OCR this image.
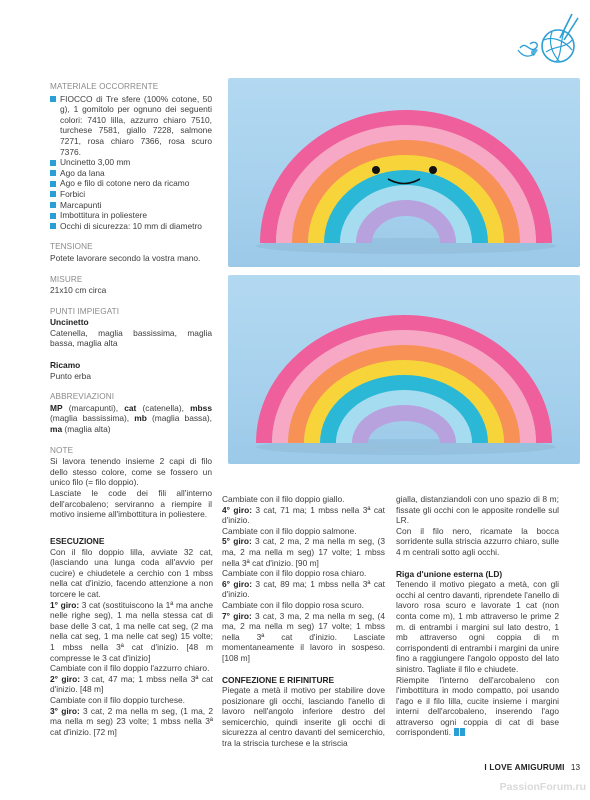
MATERIALE OCCORRENTE
FIOCCO di Tre sfere (100% cotone, 50 g), 1 gomitolo per ognuno dei seguenti colori: 7410 lilla, azzurro chiaro 7510, turchese 7581, giallo 7228, salmone 7271, rosa chiaro 7366, rosa scuro 7376.
Uncinetto 3,00 mm
Ago da lana
Ago e filo di cotone nero da ricamo
Forbici
Marcapunti
Imbottitura in poliestere
Occhi di sicurezza: 10 mm di diametro
TENSIONE
Potete lavorare secondo la vostra mano.
MISURE
21x10 cm circa
PUNTI IMPIEGATI
Uncinetto
Catenella, maglia bassissima, maglia bassa, maglia alta
Ricamo
Punto erba
ABBREVIAZIONI
MP (marcapunti), cat (catenella), mbss (maglia bassissima), mb (maglia bassa), ma (maglia alta)
NOTE
Si lavora tenendo insieme 2 capi di filo dello stesso colore, come se fossero un unico filo (= filo doppio).
Lasciate le code dei fili all'interno dell'arcobaleno; serviranno a riempire il motivo insieme all'imbottitura in poliestere.
ESECUZIONE
Con il filo doppio lilla, avviate 32 cat, (lasciando una lunga coda all'avvio per cucire) e chiudetele a cerchio con 1 mbss nella cat d'inizio, facendo attenzione a non torcere le cat.
1° giro: 3 cat (sostituiscono la 1ª ma anche nelle righe seg), 1 ma nella stessa cat di base delle 3 cat, 1 ma nelle cat seg, (2 ma nella cat seg, 1 ma nelle cat seg) 15 volte; 1 mbss nella 3ª cat d'inizio. [48 m compresse le 3 cat d'inizio]
Cambiate con il filo doppio l'azzurro chiaro.
2° giro: 3 cat, 47 ma; 1 mbss nella 3ª cat d'inizio. [48 m]
Cambiate con il filo doppio turchese.
3° giro: 3 cat, 2 ma nella m seg, (1 ma, 2 ma nella m seg) 23 volte; 1 mbss nella 3ª cat d'inizio. [72 m]
Cambiate con il filo doppio giallo.
4° giro: 3 cat, 71 ma; 1 mbss nella 3ª cat d'inizio.
Cambiate con il filo doppio salmone.
5° giro: 3 cat, 2 ma, 2 ma nella m seg, (3 ma, 2 ma nella m seg) 17 volte; 1 mbss nella 3ª cat d'inizio. [90 m]
Cambiate con il filo doppio rosa chiaro.
6° giro: 3 cat, 89 ma; 1 mbss nella 3ª cat d'inizio.
Cambiate con il filo doppio rosa scuro.
7° giro: 3 cat, 3 ma, 2 ma nella m seg, (4 ma, 2 ma nella m seg) 17 volte; 1 mbss nella 3ª cat d'inizio. Lasciate momentaneamente il lavoro in sospeso. [108 m]
CONFEZIONE E RIFINITURE
Piegate a metà il motivo per stabilire dove posizionare gli occhi, lasciando l'anello di lavoro nell'angolo inferiore destro del semicerchio, quindi inserite gli occhi di sicurezza al centro davanti del semicerchio, tra la striscia turchese e la striscia
gialla, distanziandoli con uno spazio di 8 m; fissate gli occhi con le apposite rondelle sul LR.
Con il filo nero, ricamate la bocca sorridente sulla striscia azzurro chiaro, sulle 4 m centrali sotto agli occhi.
Riga d'unione esterna (LD)
Tenendo il motivo piegato a metà, con gli occhi al centro davanti, riprendete l'anello di lavoro rosa scuro e lavorate 1 cat (non conta come m), 1 mb attraverso le prime 2 m. di entrambi i margini sul lato destro, 1 mb attraverso ogni coppia di m corrispondenti di entrambi i margini da unire fino a raggiungere l'angolo opposto del lato sinistro. Tagliate il filo e chiudete.
Riempite l'interno dell'arcobaleno con l'imbottitura in modo compatto, poi usando l'ago e il filo lilla, cucite insieme i margini interni dell'arcobaleno, inserendo l'ago attraverso ogni coppia di cat di base corrispondenti.
I LOVE AMIGURUMI 13
PassionForum.ru
